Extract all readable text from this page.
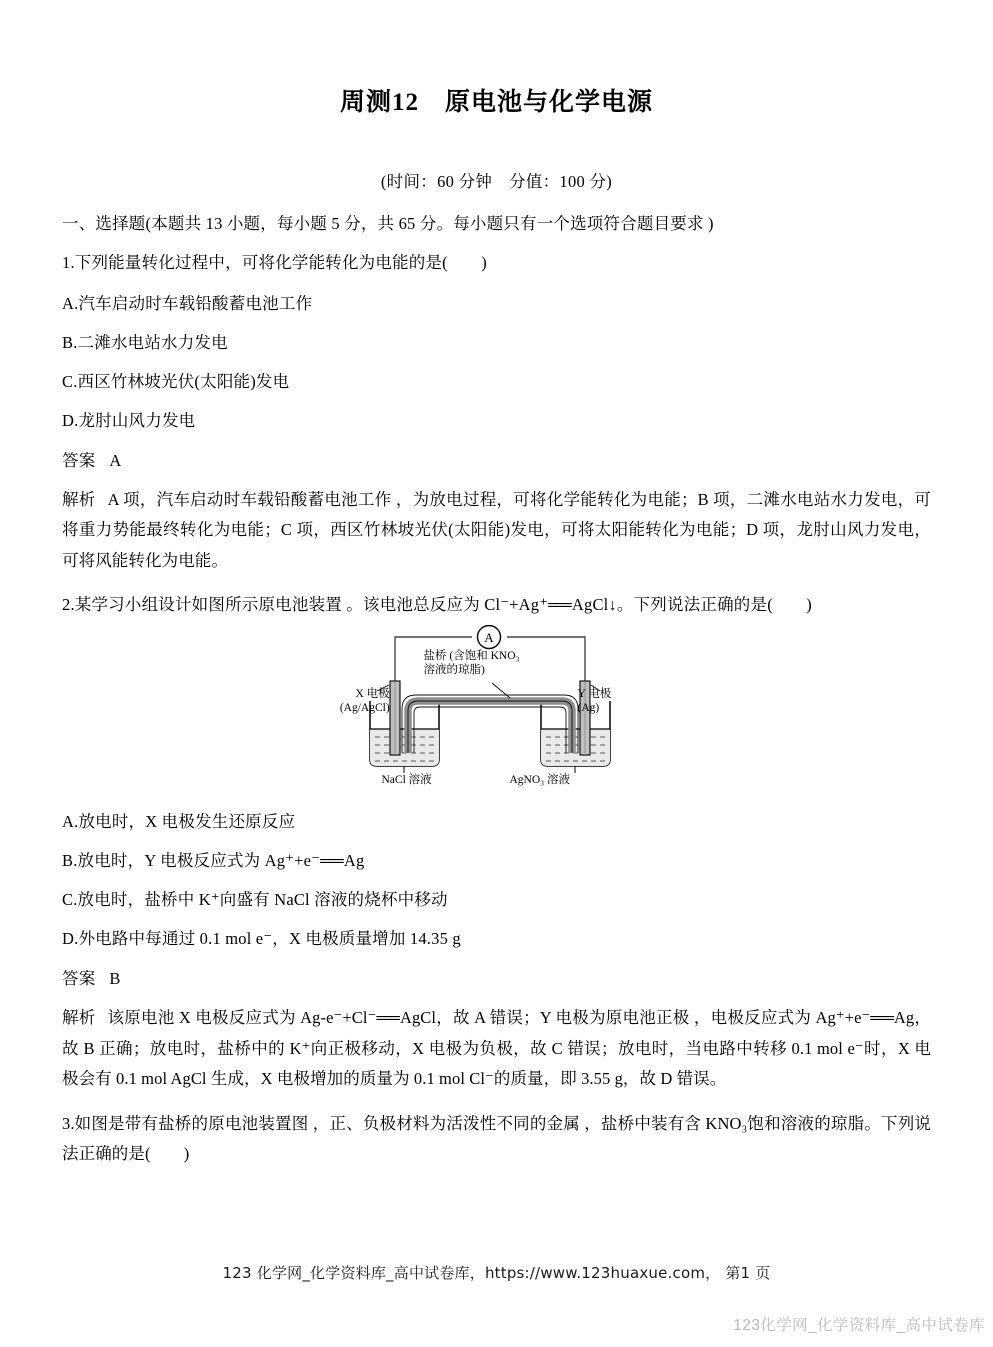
周测12　原电池与化学电源
(时间：60 分钟　分值：100 分)
一、选择题(本题共 13 小题，每小题 5 分，共 65 分。每小题只有一个选项符合题目要求 )
1.下列能量转化过程中，可将化学能转化为电能的是(　　)
A.汽车启动时车载铅酸蓄电池工作
B.二滩水电站水力发电
C.西区竹林坡光伏(太阳能)发电
D.龙肘山风力发电
答案 A
解析 A 项，汽车启动时车载铅酸蓄电池工作 ，为放电过程，可将化学能转化为电能；B 项，二滩水电站水力发电，可将重力势能最终转化为电能；C 项，西区竹林坡光伏(太阳能)发电，可将太阳能转化为电能；D 项，龙肘山风力发电，可将风能转化为电能。
2.某学习小组设计如图所示原电池装置 。该电池总反应为 Cl⁻+Ag⁺══AgCl↓。下列说法正确的是(　　)
A
X 电极
(Ag/AgCl)
Y 电极
(Ag)
盐桥 (含饱和 KNO₃
溶液的琼脂)
NaCl 溶液	AgNO₃ 溶液
A.放电时，X 电极发生还原反应
B.放电时，Y 电极反应式为 Ag⁺+e⁻══Ag
C.放电时，盐桥中 K⁺向盛有 NaCl 溶液的烧杯中移动
D.外电路中每通过 0.1 mol e⁻，X 电极质量增加 14.35 g
答案 B
解析 该原电池 X 电极反应式为 Ag-e⁻+Cl⁻══AgCl，故 A 错误；Y 电极为原电池正极 ，电极反应式为 Ag⁺+e⁻══Ag，故 B 正确；放电时，盐桥中的 K⁺向正极移动，X 电极为负极，故 C 错误；放电时，当电路中转移 0.1 mol e⁻时，X 电极会有 0.1 mol AgCl 生成，X 电极增加的质量为 0.1 mol Cl⁻的质量，即 3.55 g，故 D 错误。
3.如图是带有盐桥的原电池装置图 ，正、负极材料为活泼性不同的金属 ，盐桥中装有含 KNO₃饱和溶液的琼脂。下列说法正确的是(　　)
123 化学网_化学资料库_高中试卷库，https://www.123huaxue.com， 第1 页
123化学网_化学资料库_高中试卷库
